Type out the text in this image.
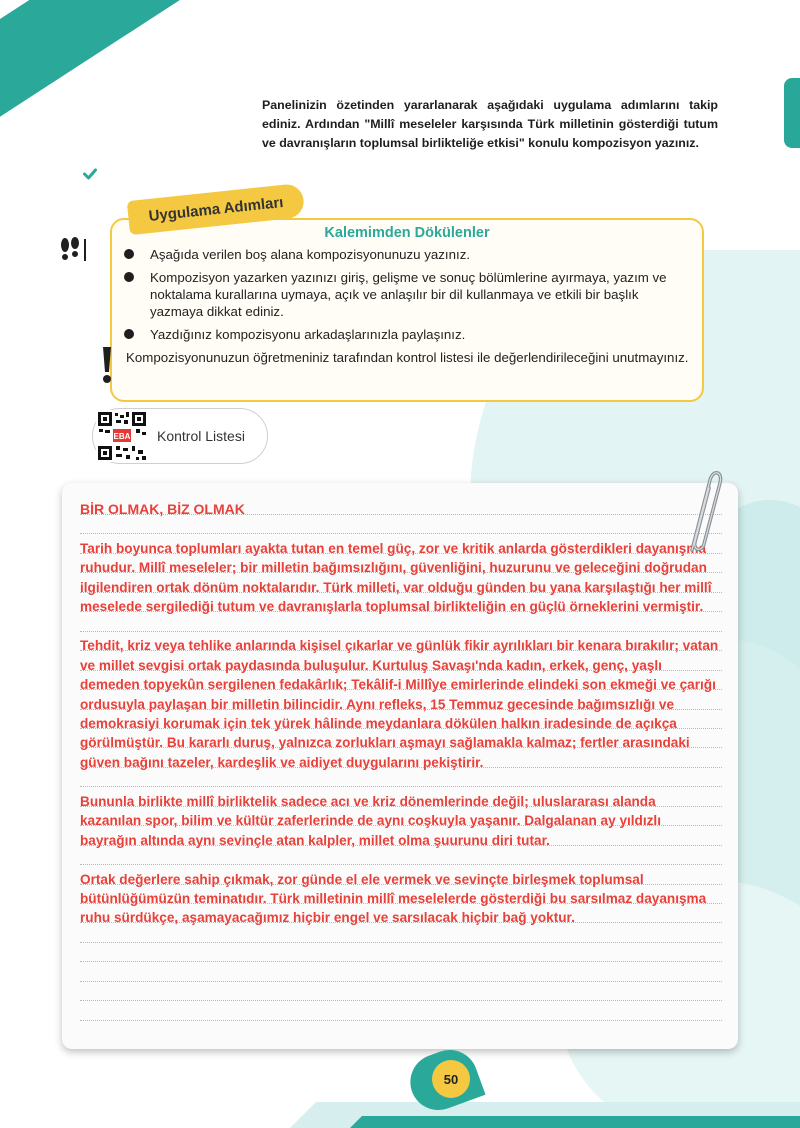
DEĞERLENDİRELİM Panelinizin özetinden yararlanarak aşağıdaki uygulama adımlarını takip ediniz. Ardından "Millî meseleler karşısında Türk milletinin gösterdiği tutum ve davranışların toplumsal birlikteliğe etkisi" konulu kompozisyon yazınız.
Uygulama Adımları
Kalemimden Dökülenler
Aşağıda verilen boş alana kompozisyonunuzu yazınız.
Kompozisyon yazarken yazınızı giriş, gelişme ve sonuç bölümlerine ayırmaya, yazım ve noktalama kurallarına uymaya, açık ve anlaşılır bir dil kullanmaya ve etkili bir başlık yazmaya dikkat ediniz.
Yazdığınız kompozisyonu arkadaşlarınızla paylaşınız.
Kompozisyonunuzun öğretmeniniz tarafından kontrol listesi ile değerlendirileceğini unutmayınız.
EBA Kontrol Listesi

BİR OLMAK, BİZ OLMAK

Tarih boyunca toplumları ayakta tutan en temel güç, zor ve kritik anlarda gösterdikleri dayanışma ruhudur. Millî meseleler; bir milletin bağımsızlığını, güvenliğini, huzurunu ve geleceğini doğrudan ilgilendiren ortak dönüm noktalarıdır. Türk milleti, var olduğu günden bu yana karşılaştığı her millî meselede sergilediği tutum ve davranışlarla toplumsal birlikteliğin en güçlü örneklerini vermiştir.

Tehdit, kriz veya tehlike anlarında kişisel çıkarlar ve günlük fikir ayrılıkları bir kenara bırakılır; vatan ve millet sevgisi ortak paydasında buluşulur. Kurtuluş Savaşı'nda kadın, erkek, genç, yaşlı demeden topyekûn sergilenen fedakârlık; Tekâlif-i Millîye emirlerinde elindeki son ekmeği ve çarığı ordusuyla paylaşan bir milletin bilincidir. Aynı refleks, 15 Temmuz gecesinde bağımsızlığı ve demokrasiyi korumak için tek yürek hâlinde meydanlara dökülen halkın iradesinde de açıkça görülmüştür. Bu kararlı duruş, yalnızca zorlukları aşmayı sağlamakla kalmaz; fertler arasındaki güven bağını tazeler, kardeşlik ve aidiyet duygularını pekiştirir.

Bununla birlikte millî birliktelik sadece acı ve kriz dönemlerinde değil; uluslararası alanda kazanılan spor, bilim ve kültür zaferlerinde de aynı coşkuyla yaşanır. Dalgalanan ay yıldızlı bayrağın altında aynı sevinçle atan kalpler, millet olma şuurunu diri tutar.

Ortak değerlere sahip çıkmak, zor günde el ele vermek ve sevinçte birleşmek toplumsal bütünlüğümüzün teminatıdır. Türk milletinin millî meselelerde gösterdiği bu sarsılmaz dayanışma ruhu sürdükçe, aşamayacağımız hiçbir engel ve sarsılacak hiçbir bağ yoktur.

50
